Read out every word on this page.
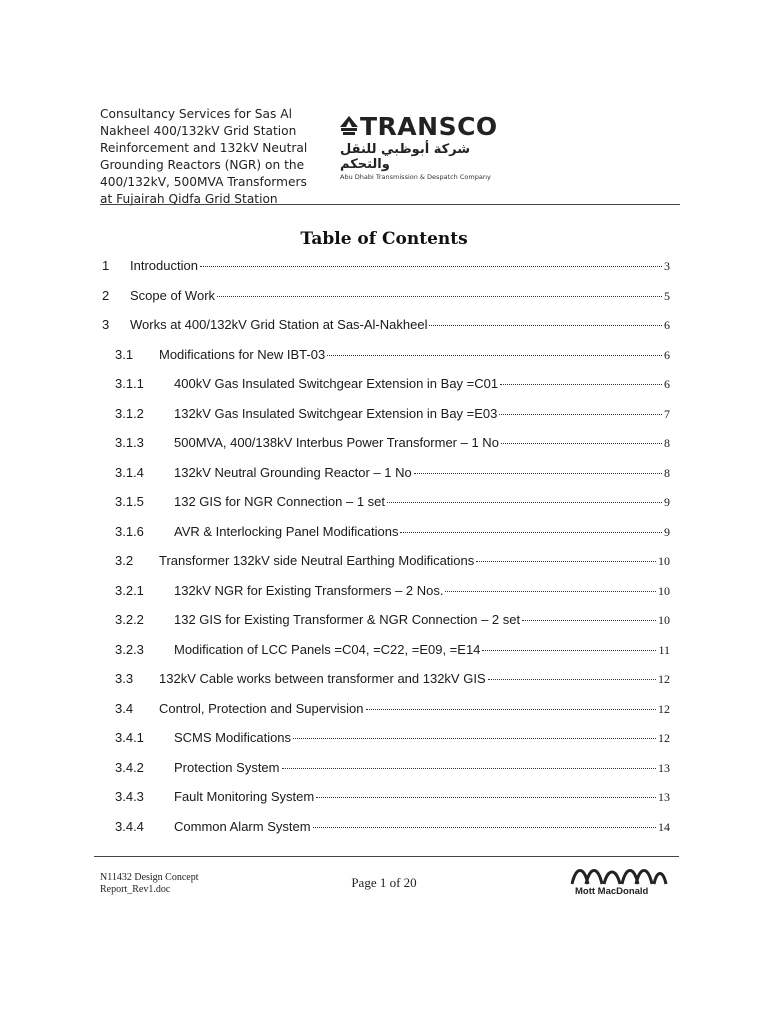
Consultancy Services for Sas Al
Nakheel 400/132kV Grid Station
Reinforcement and 132kV Neutral
Grounding Reactors (NGR) on the
400/132kV, 500MVA Transformers
at Fujairah Qidfa Grid Station
TRANSCO
شركة أبوظبي للنقل والتحكم
Abu Dhabi Transmission & Despatch Company
Table of Contents
1	Introduction	3
2	Scope of Work	5
3	Works at 400/132kV Grid Station at Sas-Al-Nakheel	6
3.1	Modifications for New IBT-03	6
3.1.1	400kV Gas Insulated Switchgear Extension in Bay =C01	6
3.1.2	132kV Gas Insulated Switchgear Extension in Bay =E03	7
3.1.3	500MVA, 400/138kV Interbus Power Transformer – 1 No	8
3.1.4	132kV Neutral Grounding Reactor – 1 No	8
3.1.5	132 GIS for NGR Connection – 1 set	9
3.1.6	AVR & Interlocking Panel Modifications	9
3.2	Transformer 132kV side Neutral Earthing Modifications	10
3.2.1	132kV NGR for Existing Transformers – 2 Nos.	10
3.2.2	132 GIS for Existing Transformer & NGR Connection – 2 set	10
3.2.3	Modification of LCC Panels =C04, =C22, =E09, =E14	11
3.3	132kV Cable works between transformer and 132kV GIS	12
3.4	Control, Protection and Supervision	12
3.4.1	SCMS Modifications	12
3.4.2	Protection System	13
3.4.3	Fault Monitoring System	13
3.4.4	Common Alarm System	14
N11432 Design Concept
Report_Rev1.doc	Page 1 of 20
Mott MacDonald
